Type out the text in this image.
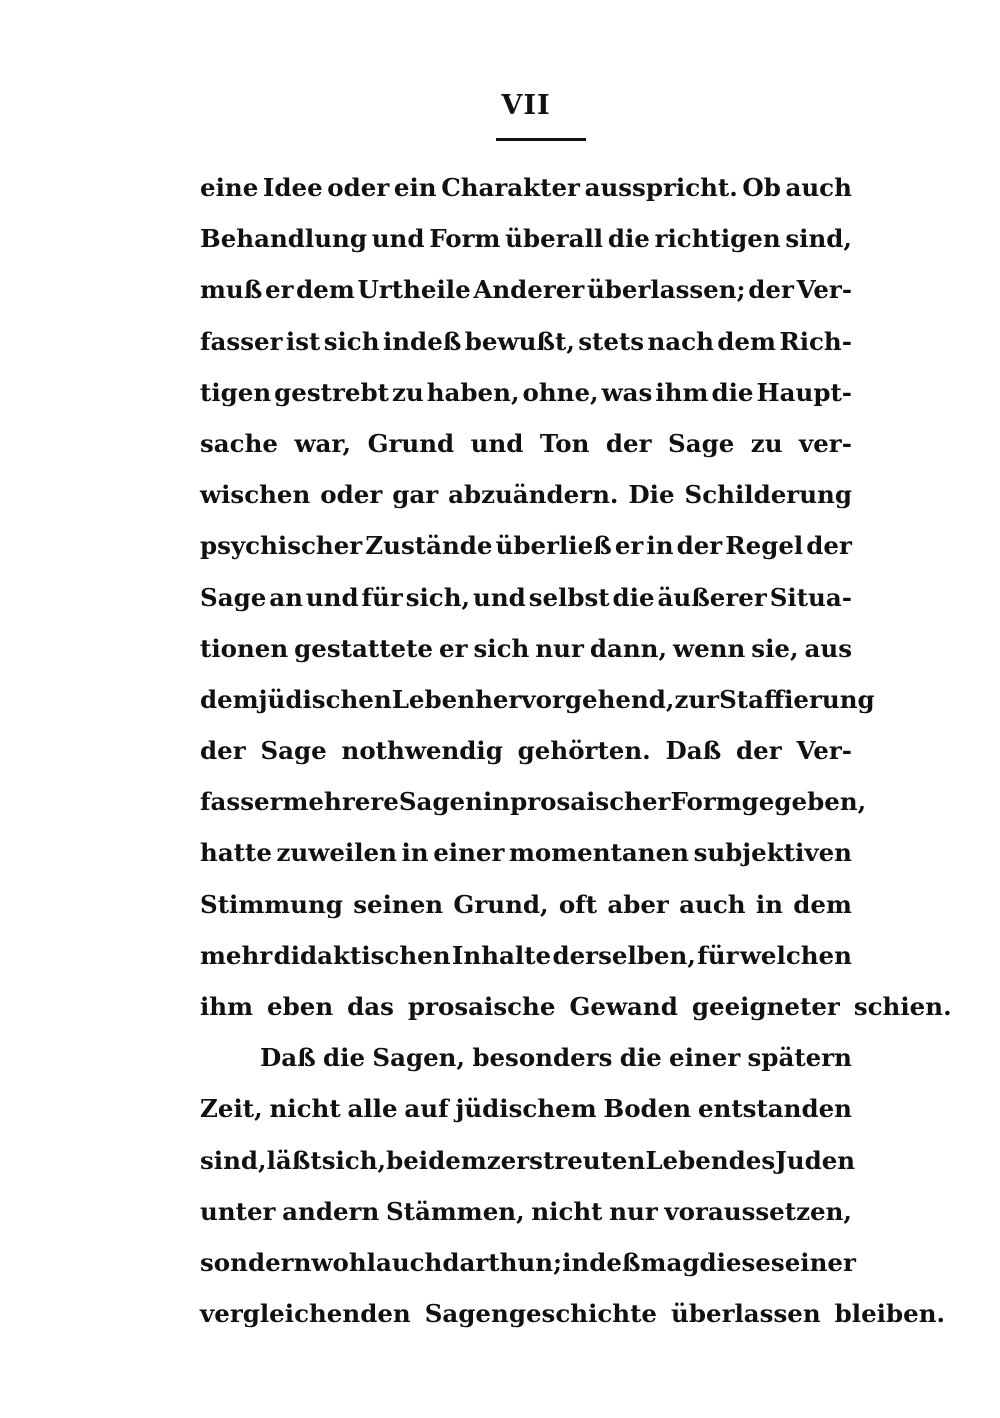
VII
eine Idee oder ein Charakter ausspricht. Ob auch
Behandlung und Form überall die richtigen sind,
muß er dem Urtheile Anderer überlassen; der Ver-
fasser ist sich indeß bewußt, stets nach dem Rich-
tigen gestrebt zu haben, ohne, was ihm die Haupt-
sache war, Grund und Ton der Sage zu ver-
wischen oder gar abzuändern. Die Schilderung
psychischer Zustände überließ er in der Regel der
Sage an und für sich, und selbst die äußerer Situa-
tionen gestattete er sich nur dann, wenn sie, aus
dem jüdischen Leben hervorgehend, zur Staffierung
der Sage nothwendig gehörten. Daß der Ver-
fasser mehrere Sagen in prosaischer Form gegeben,
hatte zuweilen in einer momentanen subjektiven
Stimmung seinen Grund, oft aber auch in dem
mehr didaktischen Inhalte derselben, für welchen
ihm eben das prosaische Gewand geeigneter schien.
Daß die Sagen, besonders die einer spätern
Zeit, nicht alle auf jüdischem Boden entstanden
sind, läßt sich, bei dem zerstreuten Leben des Juden
unter andern Stämmen, nicht nur voraussetzen,
sondern wohl auch darthun; indeß mag dieses einer
vergleichenden Sagengeschichte überlassen bleiben.
